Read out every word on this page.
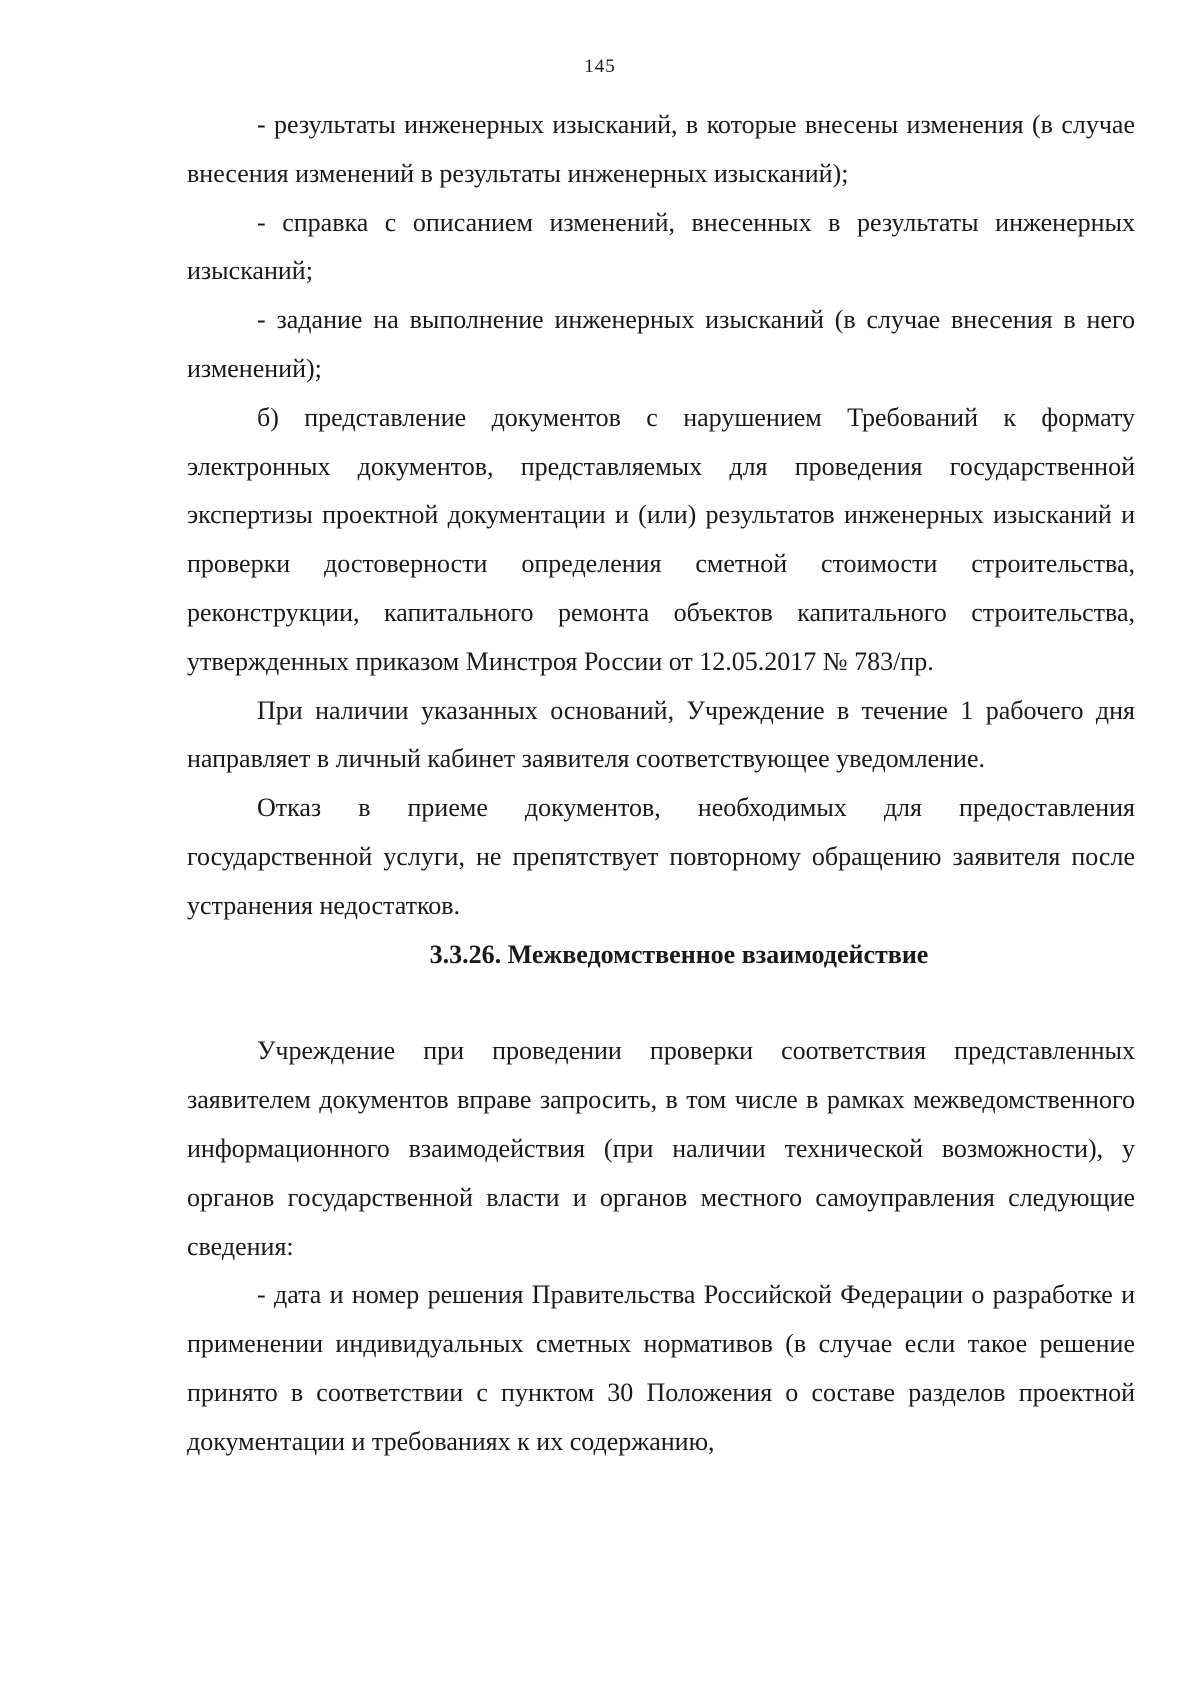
145

- результаты инженерных изысканий, в которые внесены изменения (в случае внесения изменений в результаты инженерных изысканий);

- справка с описанием изменений, внесенных в результаты инженерных изысканий;

- задание на выполнение инженерных изысканий (в случае внесения в него изменений);

б) представление документов с нарушением Требований к формату электронных документов, представляемых для проведения государственной экспертизы проектной документации и (или) результатов инженерных изысканий и проверки достоверности определения сметной стоимости строительства, реконструкции, капитального ремонта объектов капитального строительства, утвержденных приказом Минстроя России от 12.05.2017 № 783/пр.

При наличии указанных оснований, Учреждение в течение 1 рабочего дня направляет в личный кабинет заявителя соответствующее уведомление.

Отказ в приеме документов, необходимых для предоставления государственной услуги, не препятствует повторному обращению заявителя после устранения недостатков.

3.3.26. Межведомственное взаимодействие

Учреждение при проведении проверки соответствия представленных заявителем документов вправе запросить, в том числе в рамках межведомственного информационного взаимодействия (при наличии технической возможности), у органов государственной власти и органов местного самоуправления следующие сведения:

- дата и номер решения Правительства Российской Федерации о разработке и применении индивидуальных сметных нормативов (в случае если такое решение принято в соответствии с пунктом 30 Положения о составе разделов проектной документации и требованиях к их содержанию,
